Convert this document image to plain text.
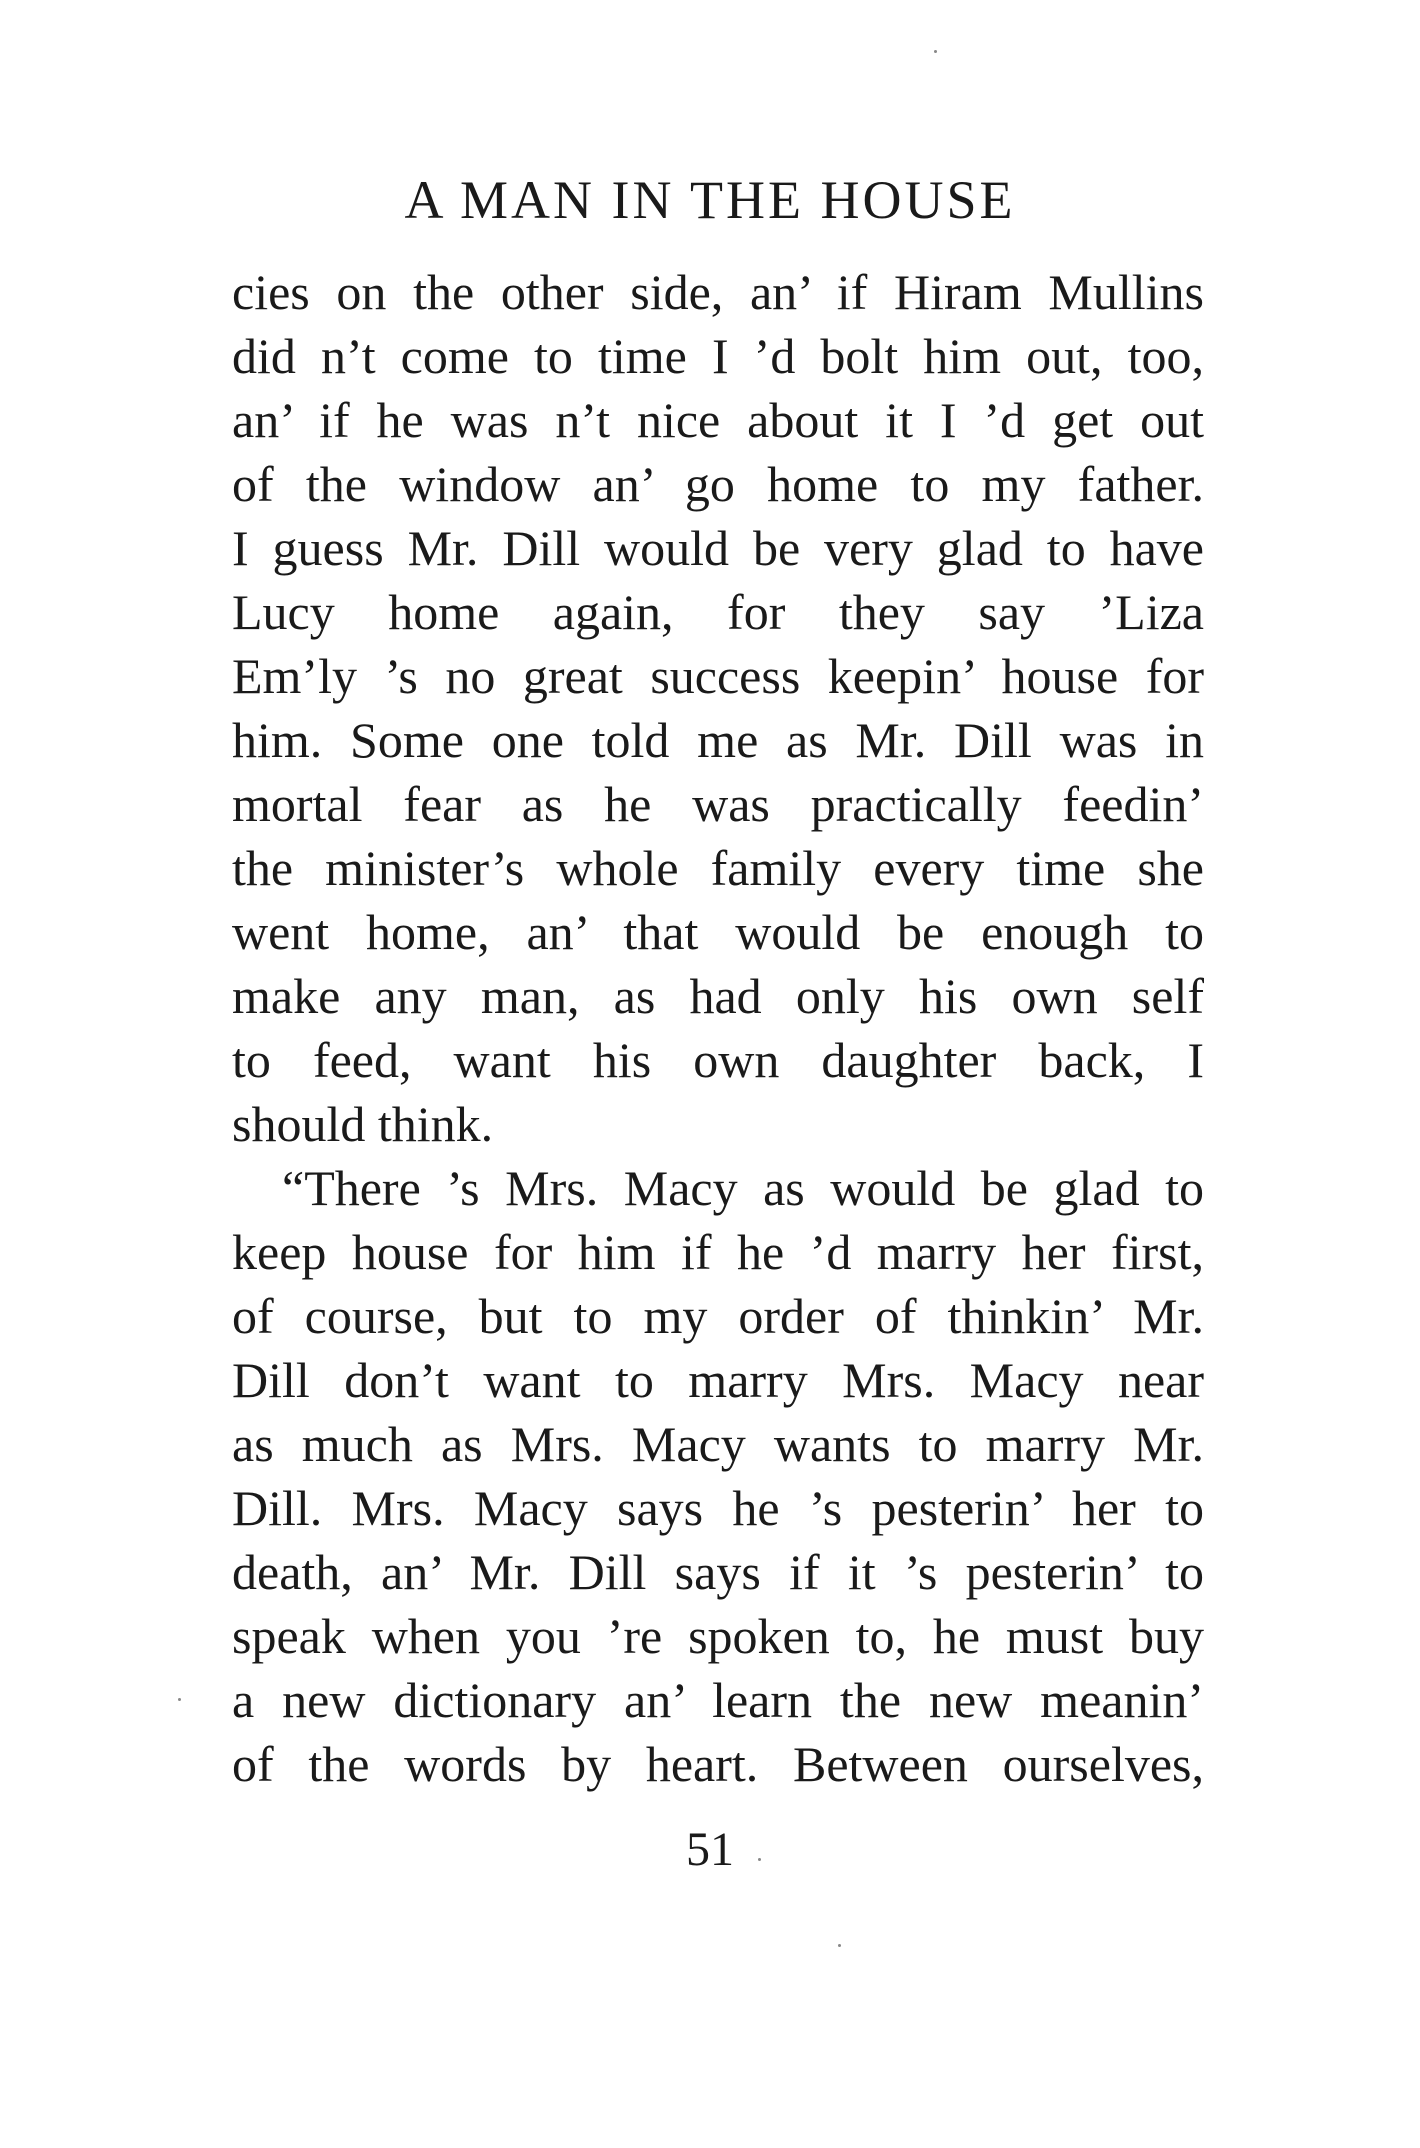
A MAN IN THE HOUSE
cies on the other side, an’ if Hiram Mullins
did n’t come to time I ’d bolt him out, too,
an’ if he was n’t nice about it I ’d get out
of the window an’ go home to my father.
I guess Mr. Dill would be very glad to have
Lucy home again, for they say ’Liza
Em’ly ’s no great success keepin’ house for
him. Some one told me as Mr. Dill was in
mortal fear as he was practically feedin’
the minister’s whole family every time she
went home, an’ that would be enough to
make any man, as had only his own self
to feed, want his own daughter back, I
should think.
“There ’s Mrs. Macy as would be glad to
keep house for him if he ’d marry her first,
of course, but to my order of thinkin’ Mr.
Dill don’t want to marry Mrs. Macy near
as much as Mrs. Macy wants to marry Mr.
Dill. Mrs. Macy says he ’s pesterin’ her to
death, an’ Mr. Dill says if it ’s pesterin’ to
speak when you ’re spoken to, he must buy
a new dictionary an’ learn the new meanin’
of the words by heart. Between ourselves,
51
